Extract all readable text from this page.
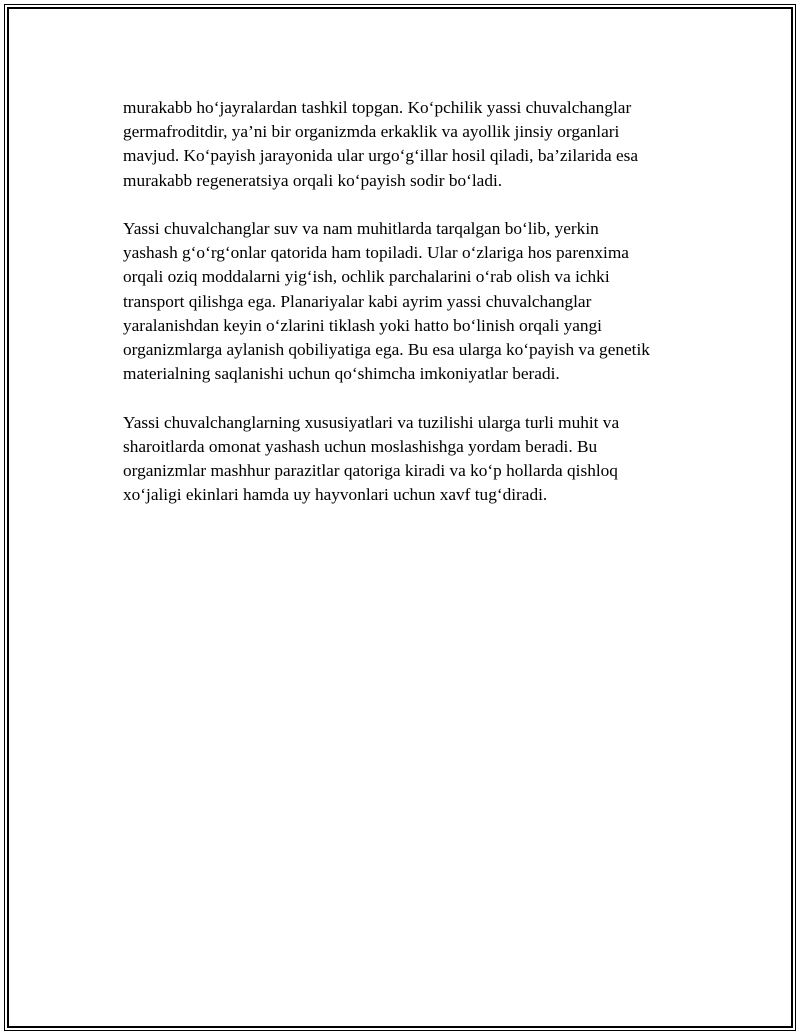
murakabb ho‘jayralardan tashkil topgan. Ko‘pchilik yassi chuvalchanglar
germafroditdir, ya’ni bir organizmda erkaklik va ayollik jinsiy organlari
mavjud. Ko‘payish jarayonida ular urgo‘g‘illar hosil qiladi, ba’zilarida esa
murakabb regeneratsiya orqali ko‘payish sodir bo‘ladi.

Yassi chuvalchanglar suv va nam muhitlarda tarqalgan bo‘lib, yerkin
yashash g‘o‘rg‘onlar qatorida ham topiladi. Ular o‘zlariga hos parenxima
orqali oziq moddalarni yig‘ish, ochlik parchalarini o‘rab olish va ichki
transport qilishga ega. Planariyalar kabi ayrim yassi chuvalchanglar
yaralanishdan keyin o‘zlarini tiklash yoki hatto bo‘linish orqali yangi
organizmlarga aylanish qobiliyatiga ega. Bu esa ularga ko‘payish va genetik
materialning saqlanishi uchun qo‘shimcha imkoniyatlar beradi.

Yassi chuvalchanglarning xususiyatlari va tuzilishi ularga turli muhit va
sharoitlarda omonat yashash uchun moslashishga yordam beradi. Bu
organizmlar mashhur parazitlar qatoriga kiradi va ko‘p hollarda qishloq
xo‘jaligi ekinlari hamda uy hayvonlari uchun xavf tug‘diradi.
